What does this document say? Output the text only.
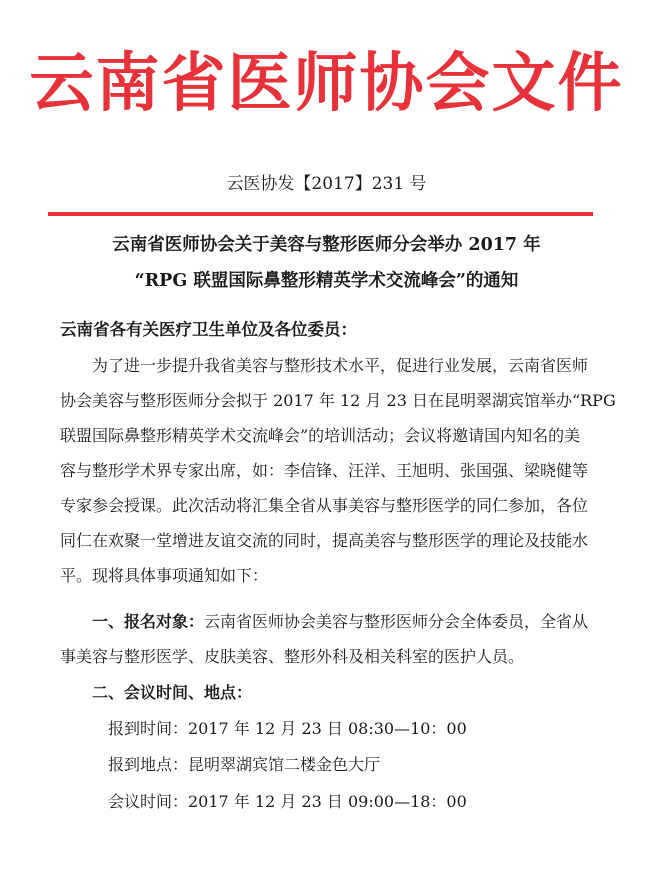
云南省医师协会文件
云医协发【2017】231 号
云南省医师协会关于美容与整形医师分会举办 2017 年
“RPG 联盟国际鼻整形精英学术交流峰会”的通知
云南省各有关医疗卫生单位及各位委员：
为了进一步提升我省美容与整形技术水平，促进行业发展，云南省医师
协会美容与整形医师分会拟于 2017 年 12 月 23 日在昆明翠湖宾馆举办“RPG
联盟国际鼻整形精英学术交流峰会”的培训活动；会议将邀请国内知名的美
容与整形学术界专家出席，如：李信锋、汪洋、王旭明、张国强、梁晓健等
专家参会授课。此次活动将汇集全省从事美容与整形医学的同仁参加，各位
同仁在欢聚一堂增进友谊交流的同时，提高美容与整形医学的理论及技能水
平。现将具体事项通知如下：
一、报名对象：云南省医师协会美容与整形医师分会全体委员，全省从
事美容与整形医学、皮肤美容、整形外科及相关科室的医护人员。
二、会议时间、地点：
报到时间：2017 年 12 月 23 日 08:30—10：00
报到地点：昆明翠湖宾馆二楼金色大厅
会议时间：2017 年 12 月 23 日 09:00—18：00
